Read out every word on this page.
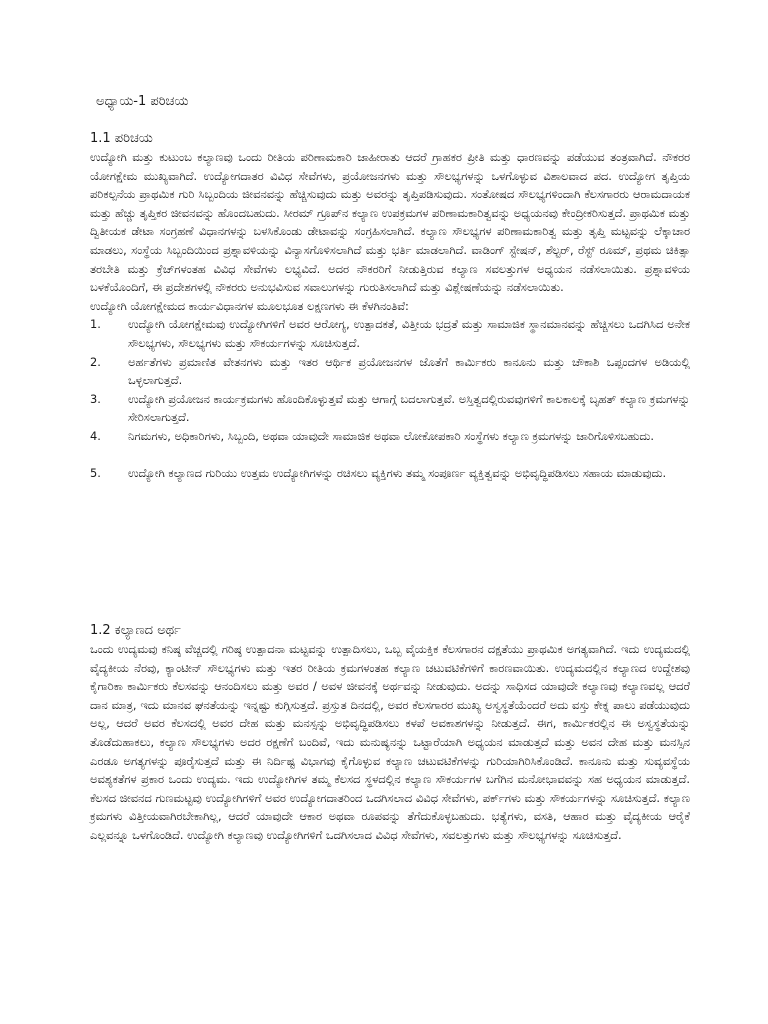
ಅಧ್ಯಾಯ-1 ಪರಿಚಯ
1.1 ಪರಿಚಯ

ಉದ್ಯೋಗಿ ಮತ್ತು ಕುಟುಂಬ ಕಲ್ಯಾಣವು ಒಂದು ರೀತಿಯ ಪರಿಣಾಮಕಾರಿ ಜಾಹೀರಾತು ಆದರೆ ಗ್ರಾಹಕರ ಪ್ರೀತಿ ಮತ್ತು ಧಾರಣವನ್ನು ಪಡೆಯುವ ತಂತ್ರವಾಗಿದೆ. ನೌಕರರ ಯೋಗಕ್ಷೇಮ ಮುಖ್ಯವಾಗಿದೆ. ಉದ್ಯೋಗದಾತರ ವಿವಿಧ ಸೇವೆಗಳು, ಪ್ರಯೋಜನಗಳು ಮತ್ತು ಸೌಲಭ್ಯಗಳನ್ನು ಒಳಗೊಳ್ಳುವ ವಿಶಾಲವಾದ ಪದ. ಉದ್ಯೋಗ ತೃಪ್ತಿಯ ಪರಿಕಲ್ಪನೆಯ ಪ್ರಾಥಮಿಕ ಗುರಿ ಸಿಬ್ಬಂದಿಯ ಜೀವನವನ್ನು ಹೆಚ್ಚಿಸುವುದು ಮತ್ತು ಅವರನ್ನು ತೃಪ್ತಿಪಡಿಸುವುದು. ಸಂತೋಷದ ಸೌಲಭ್ಯಗಳಿಂದಾಗಿ ಕೆಲಸಗಾರರು ಆರಾಮದಾಯಕ ಮತ್ತು ಹೆಚ್ಚು ತೃಪ್ತಿಕರ ಜೀವನವನ್ನು ಹೊಂದಬಹುದು. ಸೀರಮ್ ಗ್ರೂಪ್‌ನ ಕಲ್ಯಾಣ ಉಪಕ್ರಮಗಳ ಪರಿಣಾಮಕಾರಿತ್ವವನ್ನು ಅಧ್ಯಯನವು ಕೇಂದ್ರೀಕರಿಸುತ್ತದೆ. ಪ್ರಾಥಮಿಕ ಮತ್ತು ದ್ವಿತೀಯಕ ಡೇಟಾ ಸಂಗ್ರಹಣೆ ವಿಧಾನಗಳನ್ನು ಬಳಸಿಕೊಂಡು ಡೇಟಾವನ್ನು ಸಂಗ್ರಹಿಸಲಾಗಿದೆ. ಕಲ್ಯಾಣ ಸೌಲಭ್ಯಗಳ ಪರಿಣಾಮಕಾರಿತ್ವ ಮತ್ತು ತೃಪ್ತಿ ಮಟ್ಟವನ್ನು ಲೆಕ್ಕಾಚಾರ ಮಾಡಲು, ಸಂಸ್ಥೆಯ ಸಿಬ್ಬಂದಿಯಿಂದ ಪ್ರಶ್ನಾವಳಿಯನ್ನು ವಿನ್ಯಾಸಗೊಳಿಸಲಾಗಿದೆ ಮತ್ತು ಭರ್ತಿ ಮಾಡಲಾಗಿದೆ. ವಾಡಿಂಗ್ ಸ್ಟೇಷನ್, ಶೆಲ್ಟರ್, ರೆಸ್ಟ್ ರೂಮ್, ಪ್ರಥಮ ಚಿಕಿತ್ಸಾ ತರಬೇತಿ ಮತ್ತು ಕ್ರೆಚ್‌ಗಳಂತಹ ವಿವಿಧ ಸೇವೆಗಳು ಲಭ್ಯವಿದೆ. ಅದರ ನೌಕರರಿಗೆ ನೀಡುತ್ತಿರುವ ಕಲ್ಯಾಣ ಸವಲತ್ತುಗಳ ಅಧ್ಯಯನ ನಡೆಸಲಾಯಿತು. ಪ್ರಶ್ನಾವಳಿಯ ಬಳಕೆಯೊಂದಿಗೆ, ಈ ಪ್ರದೇಶಗಳಲ್ಲಿ ನೌಕರರು ಅನುಭವಿಸುವ ಸವಾಲುಗಳನ್ನು ಗುರುತಿಸಲಾಗಿದೆ ಮತ್ತು ವಿಶ್ಲೇಷಣೆಯನ್ನು ನಡೆಸಲಾಯಿತು.

ಉದ್ಯೋಗಿ ಯೋಗಕ್ಷೇಮದ ಕಾರ್ಯವಿಧಾನಗಳ ಮೂಲಭೂತ ಲಕ್ಷಣಗಳು ಈ ಕೆಳಗಿನಂತಿವೆ:

1.	ಉದ್ಯೋಗಿ ಯೋಗಕ್ಷೇಮವು ಉದ್ಯೋಗಿಗಳಿಗೆ ಅವರ ಆರೋಗ್ಯ, ಉತ್ಪಾದಕತೆ, ವಿತ್ತೀಯ ಭದ್ರತೆ ಮತ್ತು ಸಾಮಾಜಿಕ ಸ್ಥಾನಮಾನವನ್ನು ಹೆಚ್ಚಿಸಲು ಒದಗಿಸಿದ ಅನೇಕ ಸೌಲಭ್ಯಗಳು, ಸೌಲಭ್ಯಗಳು ಮತ್ತು ಸೌಕರ್ಯಗಳನ್ನು ಸೂಚಿಸುತ್ತದೆ.
2.	ಅರ್ಹತೆಗಳು ಪ್ರಮಾಣಿತ ವೇತನಗಳು ಮತ್ತು ಇತರ ಆರ್ಥಿಕ ಪ್ರಯೋಜನಗಳ ಜೊತೆಗೆ ಕಾರ್ಮಿಕರು ಕಾನೂನು ಮತ್ತು ಚೌಕಾಶಿ ಒಪ್ಪಂದಗಳ ಅಡಿಯಲ್ಲಿ ಒಳ್ಳಲಾಗುತ್ತದೆ.
3.	ಉದ್ಯೋಗಿ ಪ್ರಯೋಜನ ಕಾರ್ಯಕ್ರಮಗಳು ಹೊಂದಿಕೊಳ್ಳುತ್ತವೆ ಮತ್ತು ಆಗಾಗ್ಗೆ ಬದಲಾಗುತ್ತವೆ. ಅಸ್ತಿತ್ವದಲ್ಲಿರುವವುಗಳಿಗೆ ಕಾಲಕಾಲಕ್ಕೆ ಬೃಹತ್ ಕಲ್ಯಾಣ ಕ್ರಮಗಳನ್ನು ಸೇರಿಸಲಾಗುತ್ತದೆ.
4.	ನಿಗಮಗಳು, ಅಧಿಕಾರಿಗಳು, ಸಿಬ್ಬಂದಿ, ಅಥವಾ ಯಾವುದೇ ಸಾಮಾಜಿಕ ಅಥವಾ ಲೋಕೋಪಕಾರಿ ಸಂಸ್ಥೆಗಳು ಕಲ್ಯಾಣ ಕ್ರಮಗಳನ್ನು ಜಾರಿಗೊಳಿಸಬಹುದು.
5.	ಉದ್ಯೋಗಿ ಕಲ್ಯಾಣದ ಗುರಿಯು ಉತ್ತಮ ಉದ್ಯೋಗಿಗಳನ್ನು ರಚಿಸಲು ವ್ಯಕ್ತಿಗಳು ತಮ್ಮ ಸಂಪೂರ್ಣ ವ್ಯಕ್ತಿತ್ವವನ್ನು ಅಭಿವೃದ್ಧಿಪಡಿಸಲು ಸಹಾಯ ಮಾಡುವುದು.
1.2 ಕಲ್ಯಾಣದ ಅರ್ಥ

ಒಂದು ಉದ್ಯಮವು ಕನಿಷ್ಠ ವೆಚ್ಚದಲ್ಲಿ ಗರಿಷ್ಠ ಉತ್ಪಾದನಾ ಮಟ್ಟವನ್ನು ಉತ್ಪಾದಿಸಲು, ಒಬ್ಬ ವೈಯಕ್ತಿಕ ಕೆಲಸಗಾರನ ದಕ್ಷತೆಯು ಪ್ರಾಥಮಿಕ ಅಗತ್ಯವಾಗಿದೆ. ಇದು ಉದ್ಯಮದಲ್ಲಿ ವೈದ್ಯಕೀಯ ನೆರವು, ಕ್ಯಾಂಟೀನ್ ಸೌಲಭ್ಯಗಳು ಮತ್ತು ಇತರ ರೀತಿಯ ಕ್ರಮಗಳಂತಹ ಕಲ್ಯಾಣ ಚಟುವಟಿಕೆಗಳಿಗೆ ಕಾರಣವಾಯಿತು. ಉದ್ಯಮದಲ್ಲಿನ ಕಲ್ಯಾಣದ ಉದ್ದೇಶವು ಕೈಗಾರಿಕಾ ಕಾರ್ಮಿಕರು ಕೆಲಸವನ್ನು ಆನಂದಿಸಲು ಮತ್ತು ಅವರ / ಅವಳ ಜೀವನಕ್ಕೆ ಅರ್ಥವನ್ನು ನೀಡುವುದು. ಅದನ್ನು ಸಾಧಿಸದ ಯಾವುದೇ ಕಲ್ಯಾಣವು ಕಲ್ಯಾಣವಲ್ಲ ಆದರೆ ದಾನ ಮಾತ್ರ, ಇದು ಮಾನವ ಘನತೆಯನ್ನು ಇನ್ನಷ್ಟು ಕುಗ್ಗಿಸುತ್ತದೆ. ಪ್ರಸ್ತುತ ದಿನದಲ್ಲಿ, ಅವರ ಕೆಲಸಗಾರರ ಮುಖ್ಯ ಅಸ್ವಸ್ಥತೆಯೆಂದರೆ ಅದು ವಸ್ತು ಕೇಕ್ನ ಪಾಲು ಪಡೆಯುವುದು ಅಲ್ಲ, ಆದರೆ ಅವರ ಕೆಲಸದಲ್ಲಿ ಅವರ ದೇಹ ಮತ್ತು ಮನಸ್ಸನ್ನು ಅಭಿವೃದ್ಧಿಪಡಿಸಲು ಕಳಪೆ ಅವಕಾಶಗಳನ್ನು ನೀಡುತ್ತದೆ. ಈಗ, ಕಾರ್ಮಿಕರಲ್ಲಿನ ಈ ಅಸ್ವಸ್ಥತೆಯನ್ನು ತೊಡೆದುಹಾಕಲು, ಕಲ್ಯಾಣ ಸೌಲಭ್ಯಗಳು ಅದರ ರಕ್ಷಣೆಗೆ ಬಂದಿವೆ, ಇದು ಮನುಷ್ಯನನ್ನು ಒಟ್ಟಾರೆಯಾಗಿ ಅಧ್ಯಯನ ಮಾಡುತ್ತದೆ ಮತ್ತು ಅವನ ದೇಹ ಮತ್ತು ಮನಸ್ಸಿನ ಎರಡೂ ಅಗತ್ಯಗಳನ್ನು ಪೂರೈಸುತ್ತದೆ ಮತ್ತು ಈ ನಿರ್ದಿಷ್ಟ ವಿಭಾಗವು ಕೈಗೊಳ್ಳುವ ಕಲ್ಯಾಣ ಚಟುವಟಿಕೆಗಳನ್ನು ಗುರಿಯಾಗಿರಿಸಿಕೊಂಡಿದೆ. ಕಾನೂನು ಮತ್ತು ಸುವ್ಯವಸ್ಥೆಯ ಅವಶ್ಯಕತೆಗಳ ಪ್ರಕಾರ ಒಂದು ಉದ್ಯಮ. ಇದು ಉದ್ಯೋಗಿಗಳ ತಮ್ಮ ಕೆಲಸದ ಸ್ಥಳದಲ್ಲಿನ ಕಲ್ಯಾಣ ಸೌಕರ್ಯಗಳ ಬಗೆಗಿನ ಮನೋಭಾವವನ್ನು ಸಹ ಅಧ್ಯಯನ ಮಾಡುತ್ತದೆ. ಕೆಲಸದ ಜೀವನದ ಗುಣಮಟ್ಟವು ಉದ್ಯೋಗಿಗಳಿಗೆ ಅವರ ಉದ್ಯೋಗದಾತರಿಂದ ಒದಗಿಸಲಾದ ವಿವಿಧ ಸೇವೆಗಳು, ಪರ್ಕ್‌ಗಳು ಮತ್ತು ಸೌಕರ್ಯಗಳನ್ನು ಸೂಚಿಸುತ್ತದೆ. ಕಲ್ಯಾಣ ಕ್ರಮಗಳು ವಿತ್ತೀಯವಾಗಿರಬೇಕಾಗಿಲ್ಲ, ಆದರೆ ಯಾವುದೇ ಆಕಾರ ಅಥವಾ ರೂಪವನ್ನು ತೆಗೆದುಕೊಳ್ಳಬಹುದು. ಭತ್ಯೆಗಳು, ವಸತಿ, ಆಹಾರ ಮತ್ತು ವೈದ್ಯಕೀಯ ಆರೈಕೆ ಎಲ್ಲವನ್ನೂ ಒಳಗೊಂಡಿದೆ. ಉದ್ಯೋಗಿ ಕಲ್ಯಾಣವು ಉದ್ಯೋಗಿಗಳಿಗೆ ಒದಗಿಸಲಾದ ವಿವಿಧ ಸೇವೆಗಳು, ಸವಲತ್ತುಗಳು ಮತ್ತು ಸೌಲಭ್ಯಗಳನ್ನು ಸೂಚಿಸುತ್ತದೆ.
